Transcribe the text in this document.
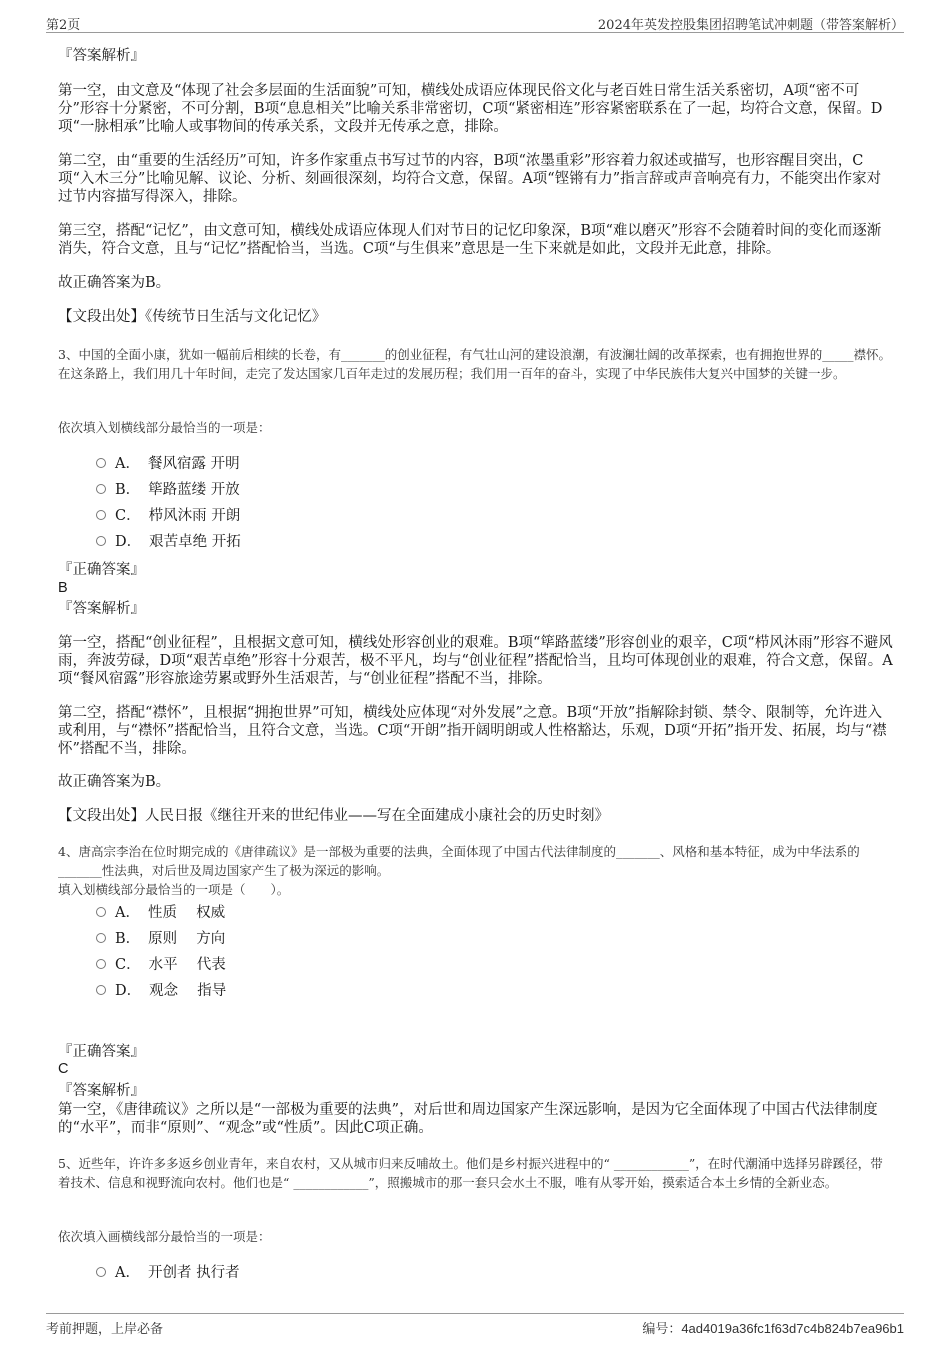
第2页	2024年英发控股集团招聘笔试冲刺题（带答案解析）
『答案解析』
第一空，由文意及“体现了社会多层面的生活面貌”可知，横线处成语应体现民俗文化与老百姓日常生活关系密切，A项“密不可分”形容十分紧密，不可分割，B项“息息相关”比喻关系非常密切，C项“紧密相连”形容紧密联系在了一起，均符合文意，保留。D项“一脉相承”比喻人或事物间的传承关系，文段并无传承之意，排除。
第二空，由“重要的生活经历”可知，许多作家重点书写过节的内容，B项“浓墨重彩”形容着力叙述或描写，也形容醒目突出，C项“入木三分”比喻见解、议论、分析、刻画很深刻，均符合文意，保留。A项“铿锵有力”指言辞或声音响亮有力，不能突出作家对过节内容描写得深入，排除。
第三空，搭配“记忆”，由文意可知，横线处成语应体现人们对节日的记忆印象深，B项“难以磨灭”形容不会随着时间的变化而逐渐消失，符合文意，且与“记忆”搭配恰当，当选。C项“与生俱来”意思是一生下来就是如此，文段并无此意，排除。
故正确答案为B。
【文段出处】《传统节日生活与文化记忆》
3、中国的全面小康，犹如一幅前后相续的长卷，有_______的创业征程，有气壮山河的建设浪潮，有波澜壮阔的改革探索，也有拥抱世界的_____襟怀。在这条路上，我们用几十年时间，走完了发达国家几百年走过的发展历程；我们用一百年的奋斗，实现了中华民族伟大复兴中国梦的关键一步。
依次填入划横线部分最恰当的一项是：
A． 餐风宿露 开明
B． 筚路蓝缕 开放
C． 栉风沐雨 开朗
D． 艰苦卓绝 开拓
『正确答案』
B
『答案解析』
第一空，搭配“创业征程”，且根据文意可知，横线处形容创业的艰难。B项“筚路蓝缕”形容创业的艰辛，C项“栉风沐雨”形容不避风雨，奔波劳碌，D项“艰苦卓绝”形容十分艰苦，极不平凡，均与“创业征程”搭配恰当，且均可体现创业的艰难，符合文意，保留。A项“餐风宿露”形容旅途劳累或野外生活艰苦，与“创业征程”搭配不当，排除。
第二空，搭配“襟怀”，且根据“拥抱世界”可知，横线处应体现“对外发展”之意。B项“开放”指解除封锁、禁令、限制等，允许进入或利用，与“襟怀”搭配恰当，且符合文意，当选。C项“开朗”指开阔明朗或人性格豁达，乐观，D项“开拓”指开发、拓展，均与“襟怀”搭配不当，排除。
故正确答案为B。
【文段出处】人民日报《继往开来的世纪伟业——写在全面建成小康社会的历史时刻》
4、唐高宗李治在位时期完成的《唐律疏议》是一部极为重要的法典，全面体现了中国古代法律制度的_______、风格和基本特征，成为中华法系的_______性法典，对后世及周边国家产生了极为深远的影响。
填入划横线部分最恰当的一项是（　　）。
A． 性质　 权威
B． 原则　 方向
C． 水平　 代表
D． 观念　 指导
『正确答案』
C
『答案解析』
第一空，《唐律疏议》之所以是“一部极为重要的法典”，对后世和周边国家产生深远影响，是因为它全面体现了中国古代法律制度的“水平”，而非“原则”、“观念”或“性质”。因此C项正确。
5、近些年，许许多多返乡创业青年，来自农村，又从城市归来反哺故土。他们是乡村振兴进程中的“ ____________”，在时代潮涌中选择另辟蹊径，带着技术、信息和视野流向农村。他们也是“ ____________”，照搬城市的那一套只会水土不服，唯有从零开始，摸索适合本土乡情的全新业态。
依次填入画横线部分最恰当的一项是：
A． 开创者 执行者
考前押题，上岸必备	编号：4ad4019a36fc1f63d7c4b824b7ea96b1
